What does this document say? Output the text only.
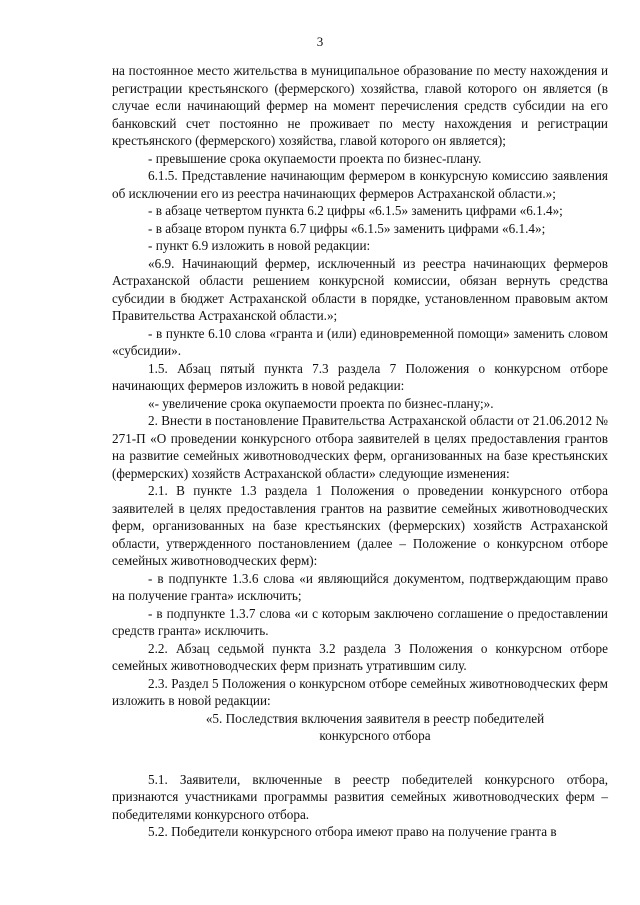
3
на постоянное место жительства в муниципальное образование по месту нахождения и регистрации крестьянского (фермерского) хозяйства, главой которого он является (в случае если начинающий фермер на момент перечисления средств субсидии на его банковский счет постоянно не проживает по месту нахождения и регистрации крестьянского (фермерского) хозяйства, главой которого он является);
- превышение срока окупаемости проекта по бизнес-плану.
6.1.5. Представление начинающим фермером в конкурсную комиссию заявления об исключении его из реестра начинающих фермеров Астраханской области.»;
- в абзаце четвертом пункта 6.2 цифры «6.1.5» заменить цифрами «6.1.4»;
- в абзаце втором пункта 6.7 цифры «6.1.5» заменить цифрами «6.1.4»;
- пункт 6.9 изложить в новой редакции:
«6.9. Начинающий фермер, исключенный из реестра начинающих фермеров Астраханской области решением конкурсной комиссии, обязан вернуть средства субсидии в бюджет Астраханской области в порядке, установленном правовым актом Правительства Астраханской области.»;
- в пункте 6.10 слова «гранта и (или) единовременной помощи» заменить словом «субсидии».
1.5. Абзац пятый пункта 7.3 раздела 7 Положения о конкурсном отборе начинающих фермеров изложить в новой редакции:
«- увеличение срока окупаемости проекта по бизнес-плану;».
2. Внести в постановление Правительства Астраханской области от 21.06.2012 № 271-П «О проведении конкурсного отбора заявителей в целях предоставления грантов на развитие семейных животноводческих ферм, организованных на базе крестьянских (фермерских) хозяйств Астраханской области» следующие изменения:
2.1. В пункте 1.3 раздела 1 Положения о проведении конкурсного отбора заявителей в целях предоставления грантов на развитие семейных животноводческих ферм, организованных на базе крестьянских (фермерских) хозяйств Астраханской области, утвержденного постановлением (далее – Положение о конкурсном отборе семейных животноводческих ферм):
- в подпункте 1.3.6 слова «и являющийся документом, подтверждающим право на получение гранта» исключить;
- в подпункте 1.3.7 слова «и с которым заключено соглашение о предоставлении средств гранта» исключить.
2.2. Абзац седьмой пункта 3.2 раздела 3 Положения о конкурсном отборе семейных животноводческих ферм признать утратившим силу.
2.3. Раздел 5 Положения о конкурсном отборе семейных животноводческих ферм изложить в новой редакции:
«5. Последствия включения заявителя в реестр победителей
конкурсного отбора
5.1. Заявители, включенные в реестр победителей конкурсного отбора, признаются участниками программы развития семейных животноводческих ферм – победителями конкурсного отбора.
5.2. Победители конкурсного отбора имеют право на получение гранта в
